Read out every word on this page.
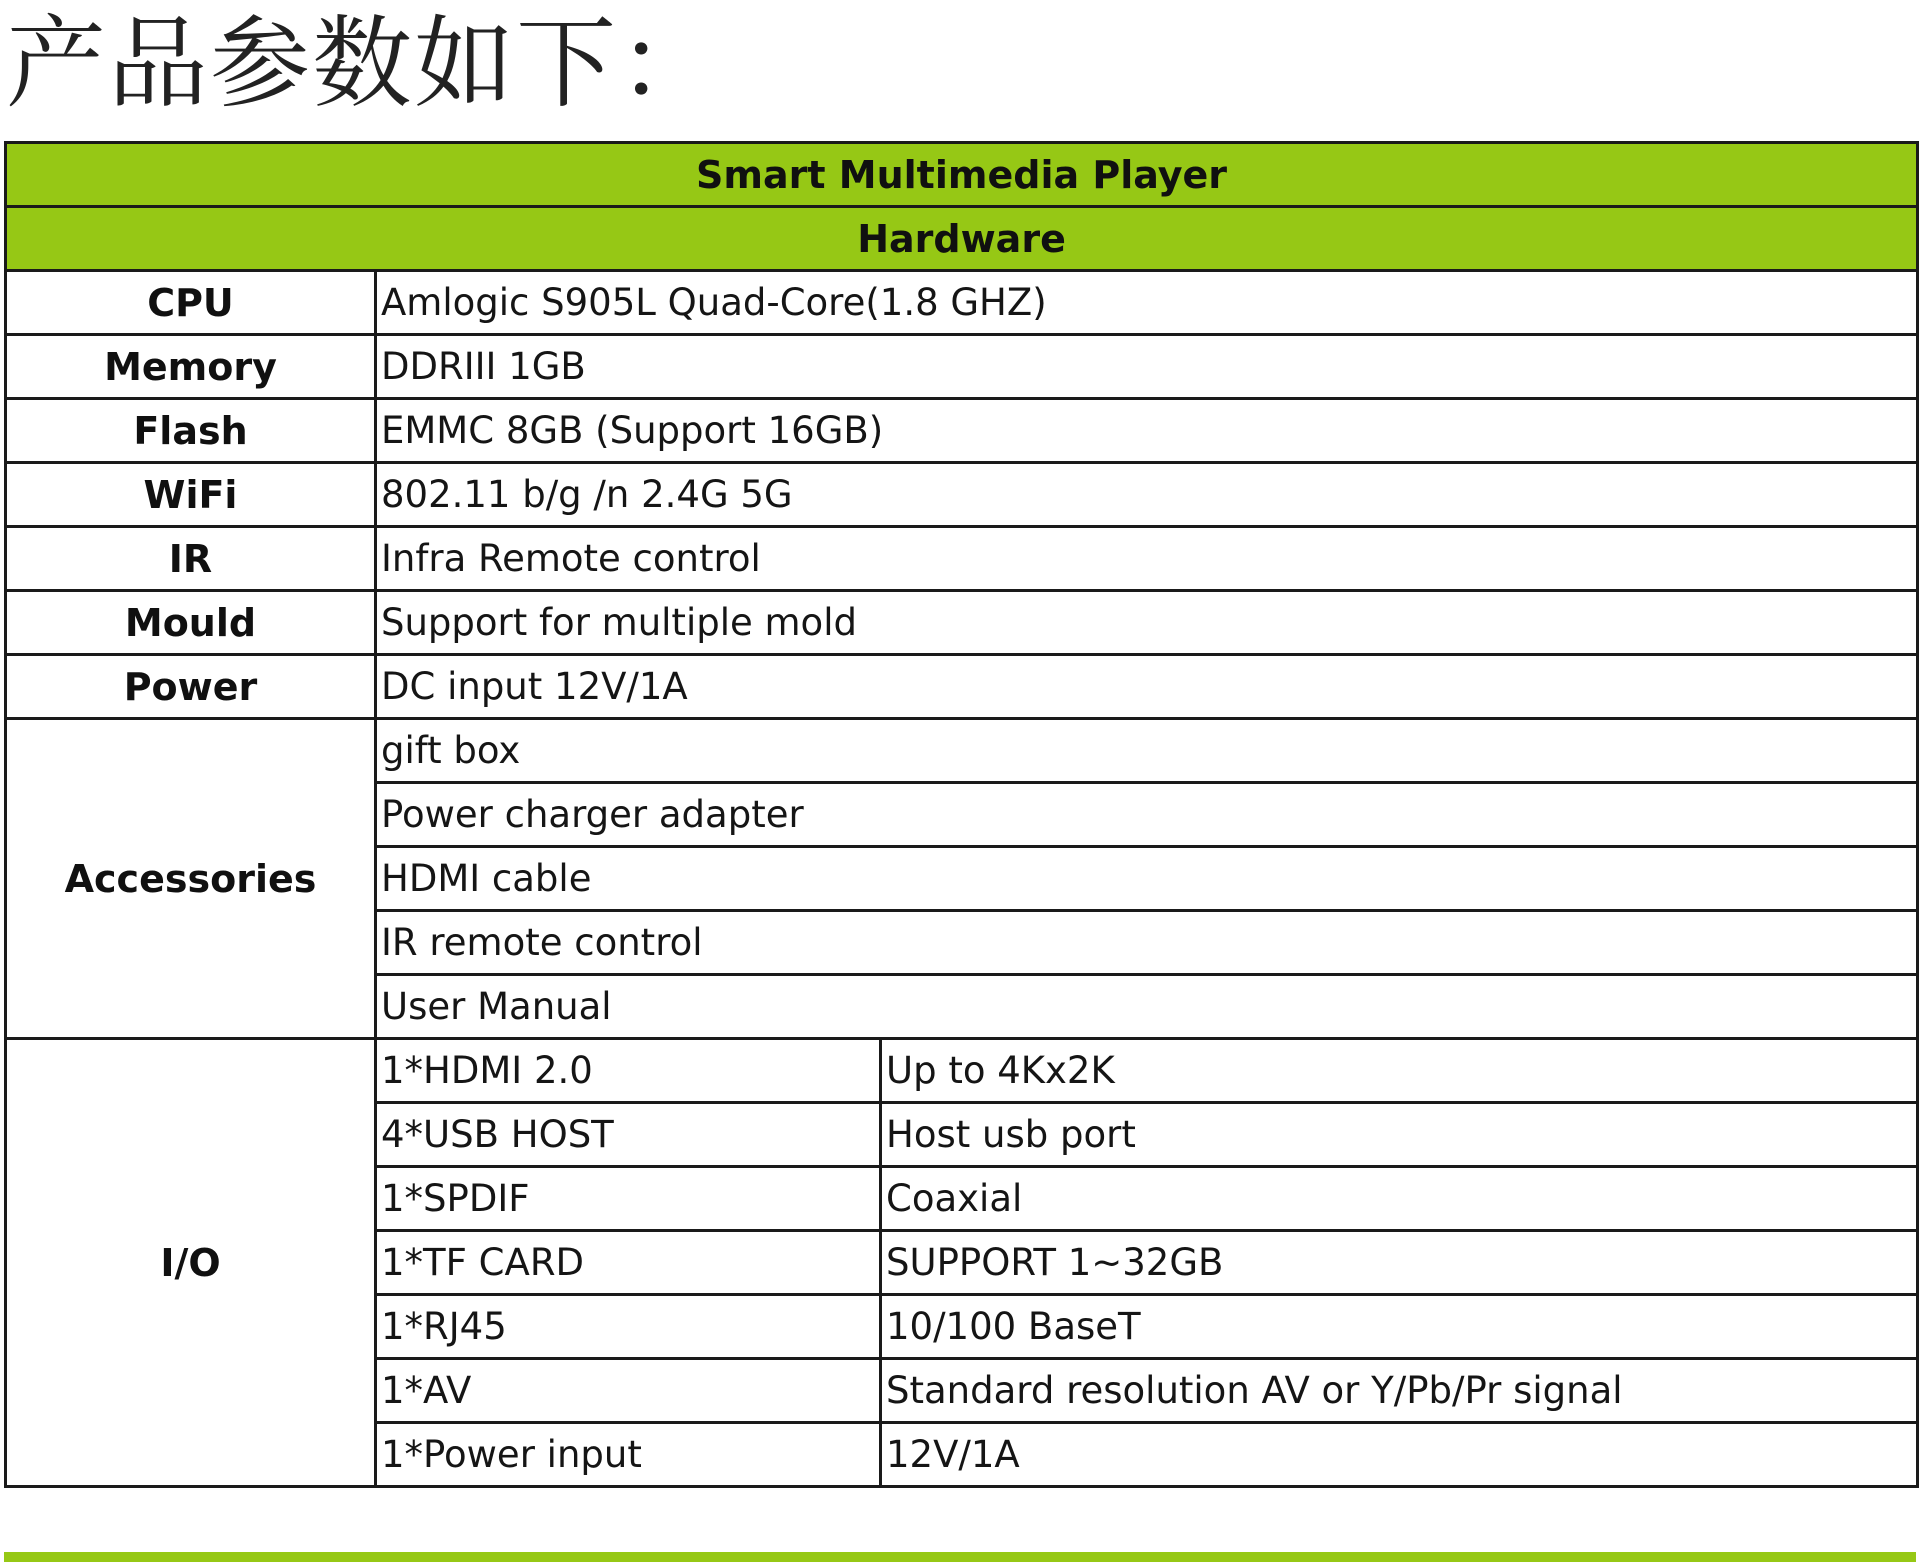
产品参数如下：
Smart Multimedia Player		
Hardware		
CPU	Amlogic S905L Quad-Core(1.8 GHZ)	
Memory	DDRIII 1GB	
Flash	EMMC 8GB (Support 16GB)	
WiFi	802.11 b/g /n 2.4G 5G	
IR	Infra Remote control	
Mould	Support for multiple mold	
Power	DC input 12V/1A	
Accessories	gift box	
	Power charger adapter	
	HDMI cable	
	IR remote control	
	User Manual	
I/O	1*HDMI 2.0	Up to 4Kx2K
	4*USB HOST	Host usb port
	1*SPDIF	Coaxial
	1*TF CARD	SUPPORT 1~32GB
	1*RJ45	10/100 BaseT
	1*AV	Standard resolution AV or Y/Pb/Pr signal
	1*Power input	12V/1A
